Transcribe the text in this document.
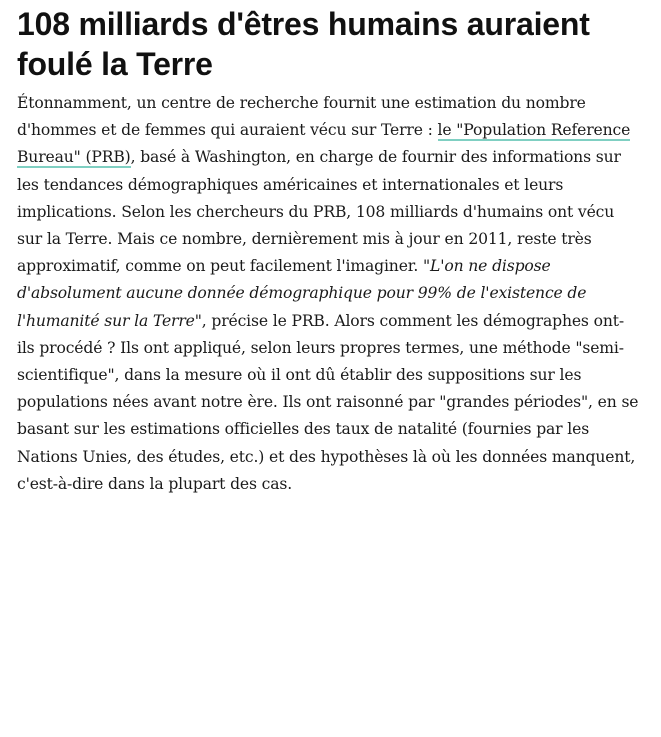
108 milliards d'êtres humains auraient foulé la Terre

Étonnamment, un centre de recherche fournit une estimation du nombre d'hommes et de femmes qui auraient vécu sur Terre : le "Population Reference Bureau" (PRB), basé à Washington, en charge de fournir des informations sur les tendances démographiques américaines et internationales et leurs implications. Selon les chercheurs du PRB, 108 milliards d'humains ont vécu sur la Terre. Mais ce nombre, dernièrement mis à jour en 2011, reste très approximatif, comme on peut facilement l'imaginer. "L'on ne dispose d'absolument aucune donnée démographique pour 99% de l'existence de l'humanité sur la Terre", précise le PRB. Alors comment les démographes ont-ils procédé ? Ils ont appliqué, selon leurs propres termes, une méthode "semi-scientifique", dans la mesure où il ont dû établir des suppositions sur les populations nées avant notre ère. Ils ont raisonné par "grandes périodes", en se basant sur les estimations officielles des taux de natalité (fournies par les Nations Unies, des études, etc.) et des hypothèses là où les données manquent, c'est-à-dire dans la plupart des cas.
